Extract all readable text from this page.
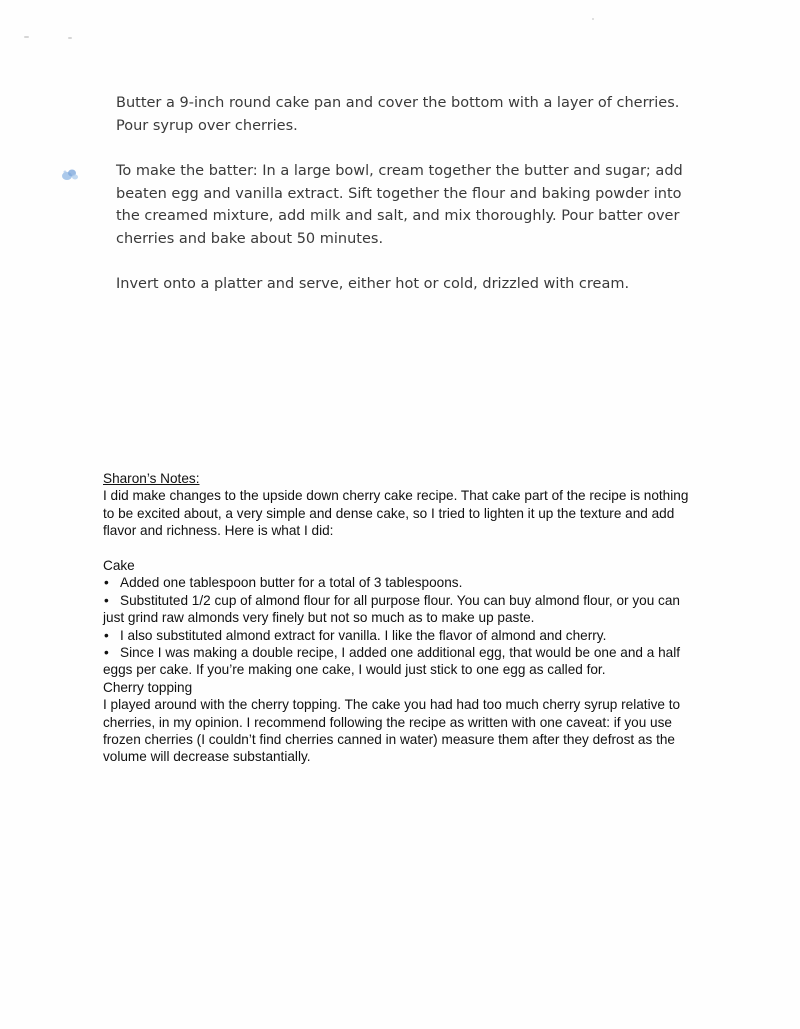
Butter a 9-inch round cake pan and cover the bottom with a layer of cherries. Pour syrup over cherries.

To make the batter: In a large bowl, cream together the butter and sugar; add beaten egg and vanilla extract. Sift together the flour and baking powder into the creamed mixture, add milk and salt, and mix thoroughly. Pour batter over cherries and bake about 50 minutes.

Invert onto a platter and serve, either hot or cold, drizzled with cream.

Sharon’s Notes:

I did make changes to the upside down cherry cake recipe. That cake part of the recipe is nothing to be excited about, a very simple and dense cake, so I tried to lighten it up the texture and add flavor and richness. Here is what I did:

Cake

• Added one tablespoon butter for a total of 3 tablespoons.
• Substituted 1/2 cup of almond flour for all purpose flour. You can buy almond flour, or you can just grind raw almonds very finely but not so much as to make up paste.
• I also substituted almond extract for vanilla. I like the flavor of almond and cherry.
• Since I was making a double recipe, I added one additional egg, that would be one and a half eggs per cake. If you’re making one cake, I would just stick to one egg as called for.

Cherry topping

I played around with the cherry topping. The cake you had had too much cherry syrup relative to cherries, in my opinion. I recommend following the recipe as written with one caveat: if you use frozen cherries (I couldn’t find cherries canned in water) measure them after they defrost as the volume will decrease substantially.
